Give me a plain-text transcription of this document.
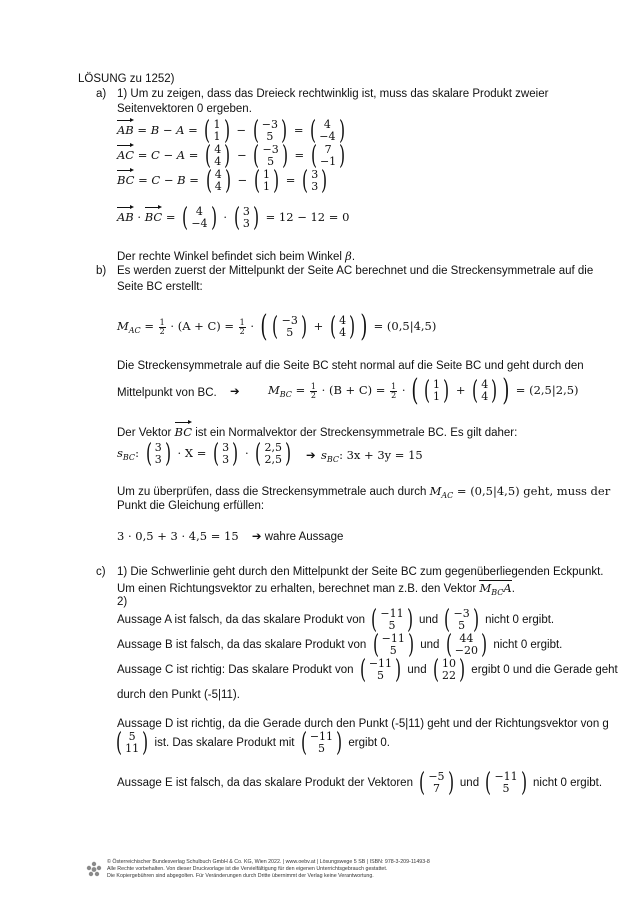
LÖSUNG zu 1252)
a) 1) Um zu zeigen, dass das Dreieck rechtwinklig ist, muss das skalare Produkt zweier
Seitenvektoren 0 ergeben.
AB = B − A = ( 1
1 ) − ( −3
5 ) = ( 4
−4 )
AC = C − A = ( 4
4 ) − ( −3
5 ) = ( 7
−1 )
BC = C − B = ( 4
4 ) − ( 1
1 ) = ( 3
3 )
AB ·
BC = ( 4
−4 ) · ( 3
3 ) = 12 − 12 = 0
Der rechte Winkel befindet sich beim Winkel β.
b) Es werden zuerst der Mittelpunkt der Seite AC berechnet und die Streckensymmetrale auf die
Seite BC erstellt:
$M_{AC} = \frac{1}{2} \cdot (A + C) = \frac{1}{2}$ · ( ( −3
5 ) + ( 4
4 ) ) = (0,5|4,5)
Die Streckensymmetrale auf die Seite BC steht normal auf die Seite BC und geht durch den
Mittelpunkt von BC. ➔ $M_{BC} = \frac{1}{2} \cdot (B + C) = \frac{1}{2}$ · ( ( 1
1 ) + ( 4
4 ) ) = (2,5|2,5)
Der Vektor
BC ist ein Normalvektor der Streckensymmetrale BC. Es gilt daher:
$s_{BC}$: ( 3
3 ) · X = ( 3
3 ) · ( 2,5
2,5 ) ➔ $s_{BC}$: 3x + 3y = 15
Um zu überprüfen, dass die Streckensymmetrale auch durch $M_{AC} = (0,5|4,5)$ geht, muss der
Punkt die Gleichung erfüllen:
3 · 0,5 + 3 · 4,5 = 15 ➔ wahre Aussage
c) 1) Die Schwerlinie geht durch den Mittelpunkt der Seite BC zum gegenüberliegenden Eckpunkt.
Um einen Richtungsvektor zu erhalten, berechnet man z.B. den Vektor
$M_{BC}A$.
2)
Aussage A ist falsch, da das skalare Produkt von ( −11
5 ) und ( −3
5 ) nicht 0 ergibt.
Aussage B ist falsch, da das skalare Produkt von ( −11
5 ) und ( 44
−20 ) nicht 0 ergibt.
Aussage C ist richtig: Das skalare Produkt von ( −11
5 ) und ( 10
22 ) ergibt 0 und die Gerade geht
durch den Punkt (-5|11).
Aussage D ist richtig, da die Gerade durch den Punkt (-5|11) geht und der Richtungsvektor von g
( 5
11 ) ist. Das skalare Produkt mit ( −11
5 ) ergibt 0.
Aussage E ist falsch, da das skalare Produkt der Vektoren ( −5
7 ) und ( −11
5 ) nicht 0 ergibt.
© Österreichischer Bundesverlag Schulbuch GmbH & Co. KG, Wien 2022. | www.oebv.at | Lösungswege 5 SB | ISBN: 978-3-209-11493-8
Alle Rechte vorbehalten. Von dieser Druckvorlage ist die Vervielfältigung für den eigenen Unterrichtsgebrauch gestattet.
Die Kopiergebühren sind abgegolten. Für Veränderungen durch Dritte übernimmt der Verlag keine Verantwortung.
